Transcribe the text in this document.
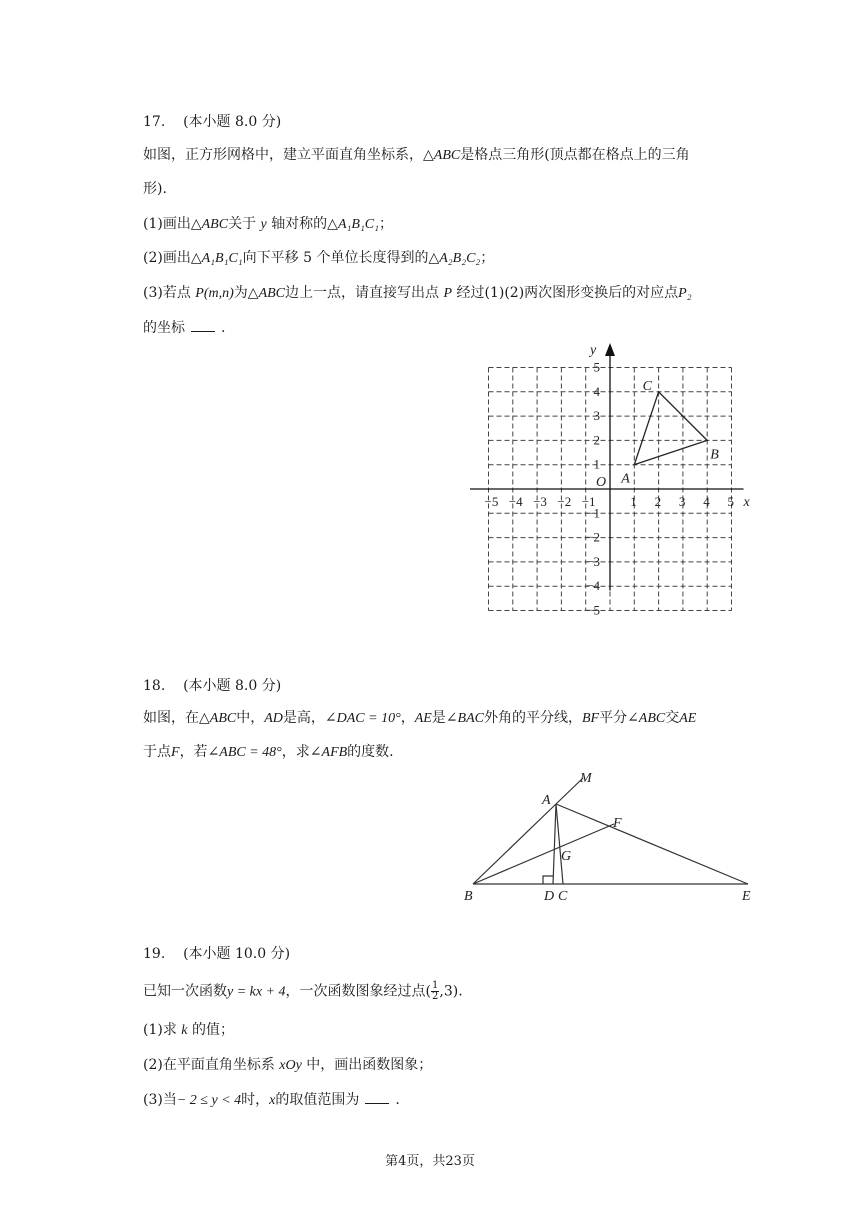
17. (本小题 8.0 分)
如图，正方形网格中，建立平面直角坐标系，△ABC是格点三角形(顶点都在格点上的三角
形).
(1)画出△ABC关于 y 轴对称的△A₁B₁C₁；
(2)画出△A₁B₁C₁向下平移 5 个单位长度得到的△A₂B₂C₂；
(3)若点 P(m,n)为△ABC边上一点，请直接写出点 P 经过(1)(2)两次图形变换后的对应点P₂
的坐标	.
−5 −4 −3 −2 −1	1 2 3 4 5
5
4
3
2
1
−1
−2
−3
−4
−5
O
x
y
A
B
C
18. (本小题 8.0 分)
如图，在△ABC中，AD是高，∠DAC = 10°，AE是∠BAC外角的平分线，BF平分∠ABC交AE
于点F，若∠ABC = 48°，求∠AFB的度数.
M
A
F
G
B	D C	E
19. (本小题 10.0 分)
已知一次函数y = kx + 4，一次函数图象经过点( $\frac{1}{2} ,3$).
(1)求 k 的值；
(2)在平面直角坐标系 xOy 中，画出函数图象；
(3)当− 2 ≤ y < 4时，x的取值范围为	.
第4页，共23页
